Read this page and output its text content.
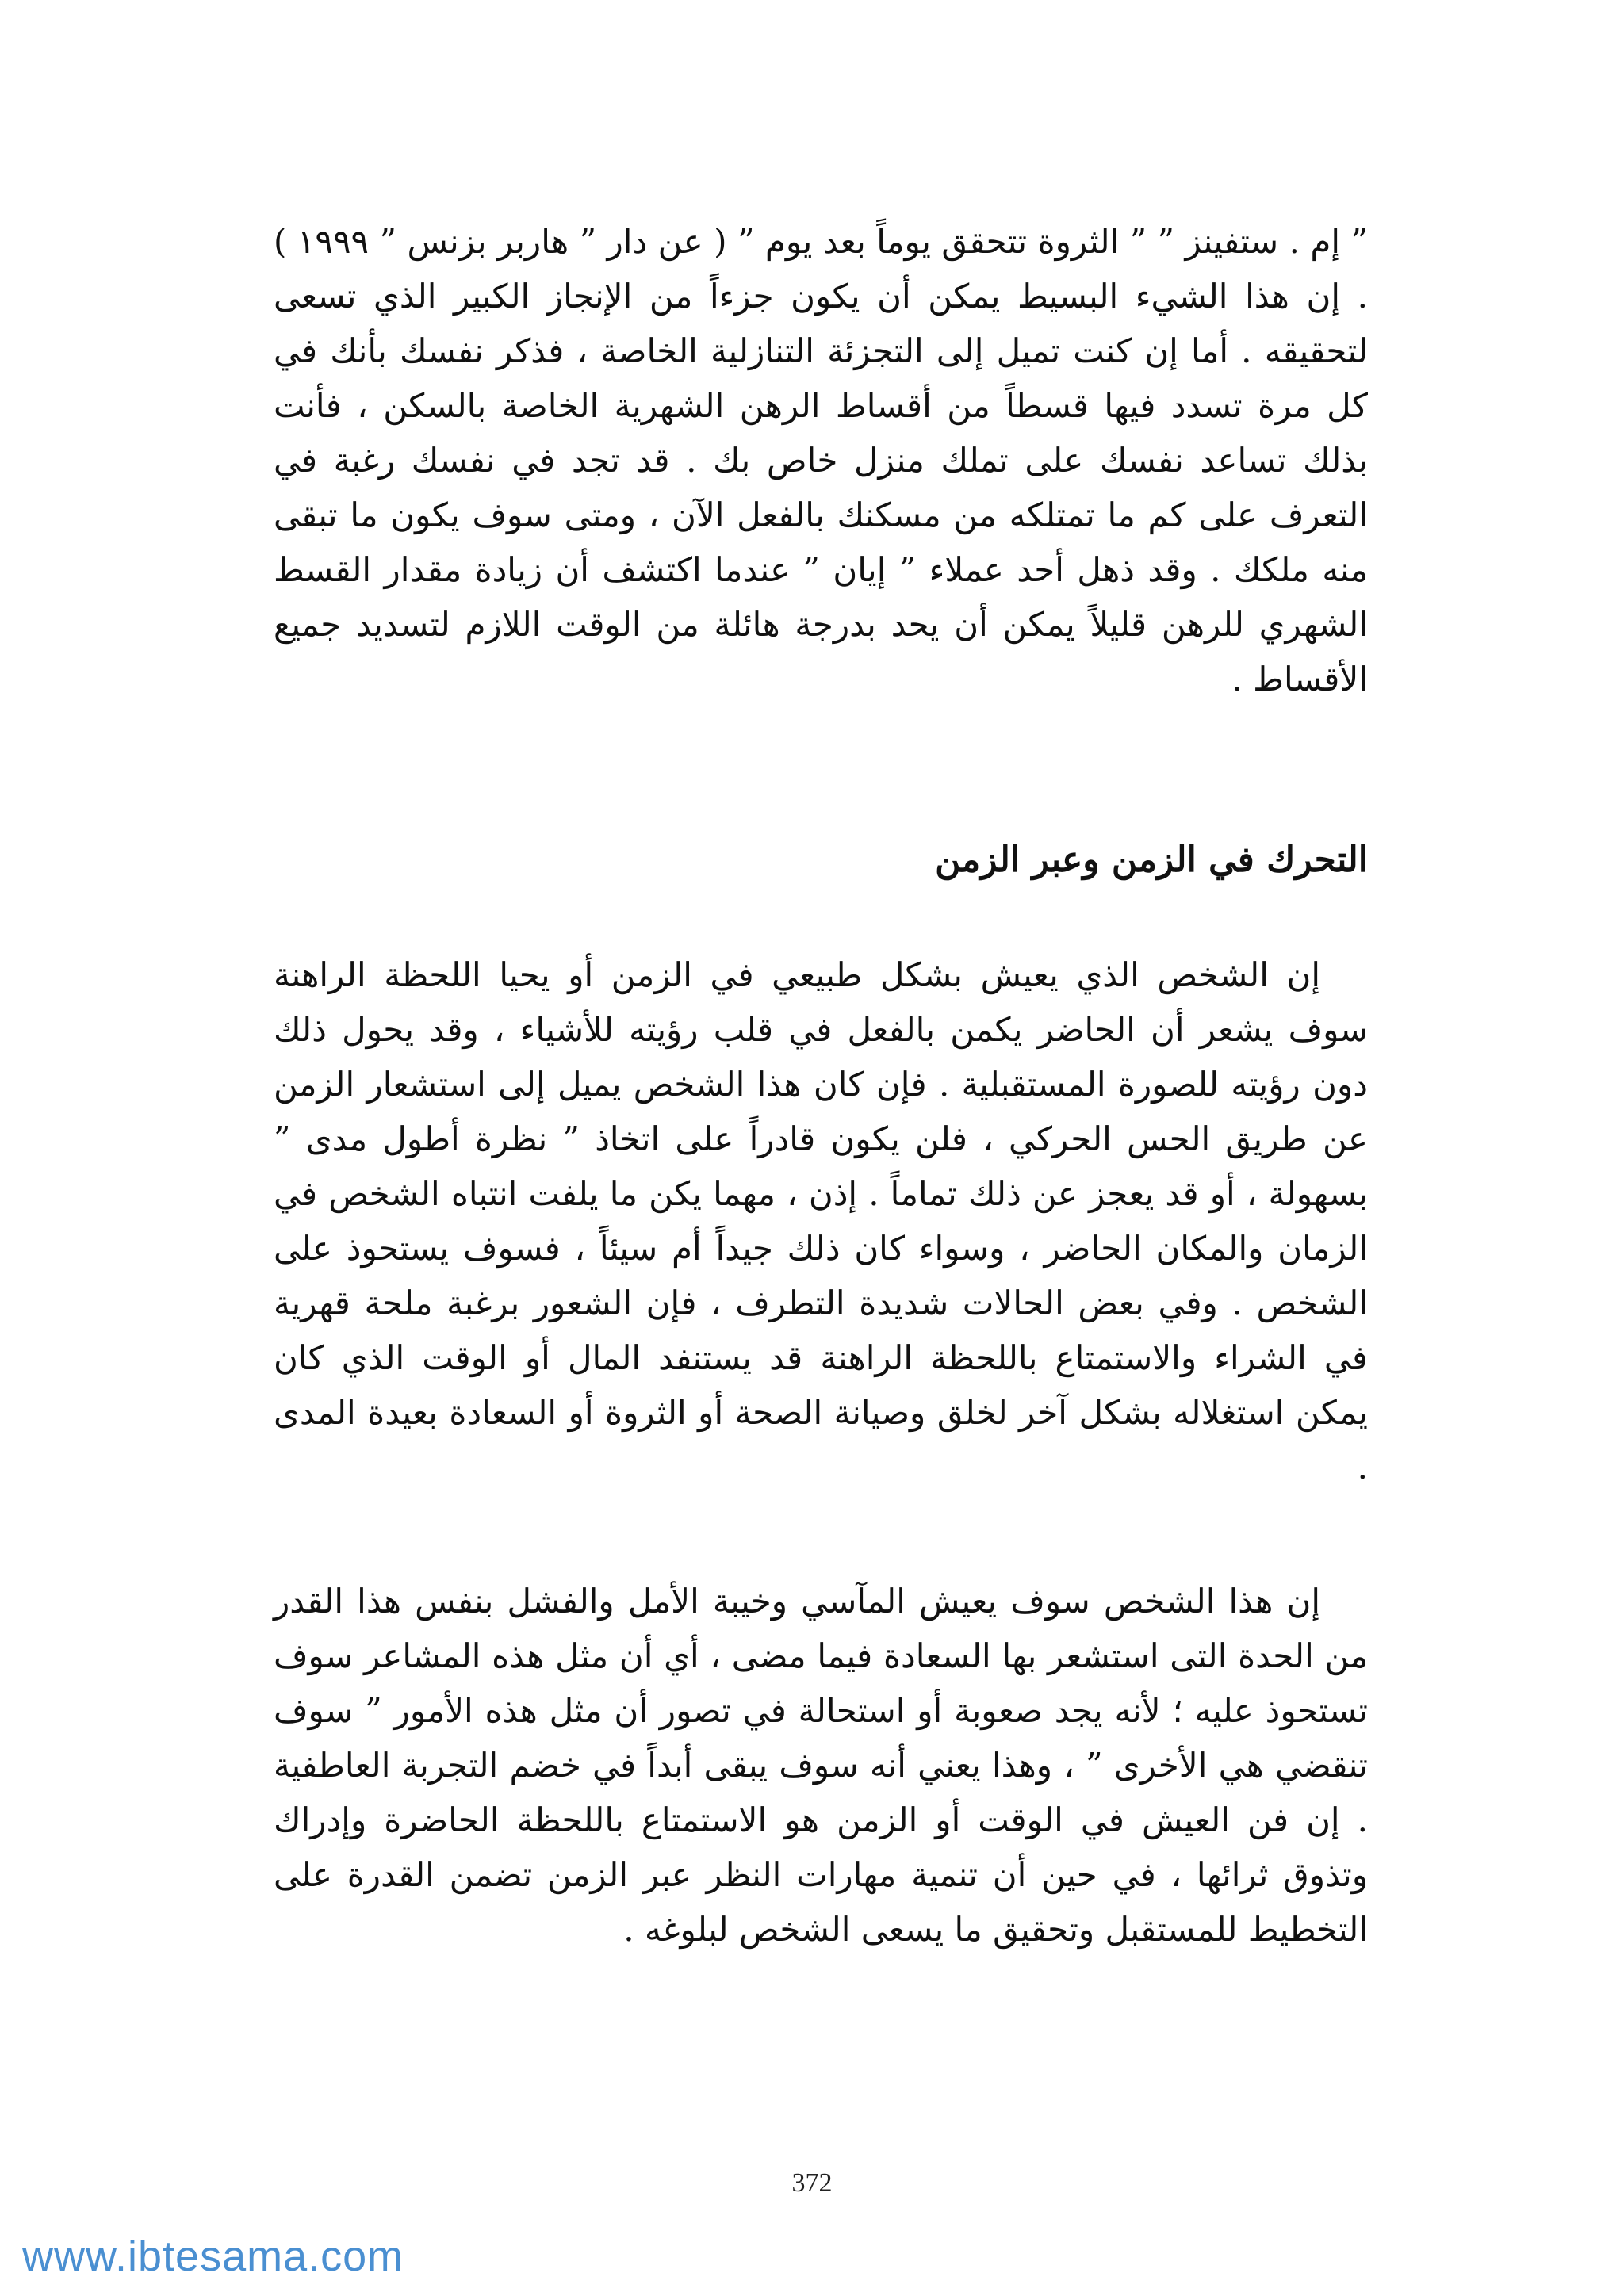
” إم . ستفينز ” ” الثروة تتحقق يوماً بعد يوم ” ( عن دار ” هاربر بزنس ” ١٩٩٩ ) . إن هذا الشيء البسيط يمكن أن يكون جزءاً من الإنجاز الكبير الذي تسعى لتحقيقه . أما إن كنت تميل إلى التجزئة التنازلية الخاصة ، فذكر نفسك بأنك في كل مرة تسدد فيها قسطاً من أقساط الرهن الشهرية الخاصة بالسكن ، فأنت بذلك تساعد نفسك على تملك منزل خاص بك . قد تجد في نفسك رغبة في التعرف على كم ما تمتلكه من مسكنك بالفعل الآن ، ومتى سوف يكون ما تبقى منه ملكك . وقد ذهل أحد عملاء ” إيان ” عندما اكتشف أن زيادة مقدار القسط الشهري للرهن قليلاً يمكن أن يحد بدرجة هائلة من الوقت اللازم لتسديد جميع الأقساط .

التحرك في الزمن وعبر الزمن

إن الشخص الذي يعيش بشكل طبيعي في الزمن أو يحيا اللحظة الراهنة سوف يشعر أن الحاضر يكمن بالفعل في قلب رؤيته للأشياء ، وقد يحول ذلك دون رؤيته للصورة المستقبلية . فإن كان هذا الشخص يميل إلى استشعار الزمن عن طريق الحس الحركي ، فلن يكون قادراً على اتخاذ ” نظرة أطول مدى ” بسهولة ، أو قد يعجز عن ذلك تماماً . إذن ، مهما يكن ما يلفت انتباه الشخص في الزمان والمكان الحاضر ، وسواء كان ذلك جيداً أم سيئاً ، فسوف يستحوذ على الشخص . وفي بعض الحالات شديدة التطرف ، فإن الشعور برغبة ملحة قهرية في الشراء والاستمتاع باللحظة الراهنة قد يستنفد المال أو الوقت الذي كان يمكن استغلاله بشكل آخر لخلق وصيانة الصحة أو الثروة أو السعادة بعيدة المدى .

إن هذا الشخص سوف يعيش المآسي وخيبة الأمل والفشل بنفس هذا القدر من الحدة التى استشعر بها السعادة فيما مضى ، أي أن مثل هذه المشاعر سوف تستحوذ عليه ؛ لأنه يجد صعوبة أو استحالة في تصور أن مثل هذه الأمور ” سوف تنقضي هي الأخرى ” ، وهذا يعني أنه سوف يبقى أبداً في خضم التجربة العاطفية . إن فن العيش في الوقت أو الزمن هو الاستمتاع باللحظة الحاضرة وإدراك وتذوق ثرائها ، في حين أن تنمية مهارات النظر عبر الزمن تضمن القدرة على التخطيط للمستقبل وتحقيق ما يسعى الشخص لبلوغه .

372
www.ibtesama.com
